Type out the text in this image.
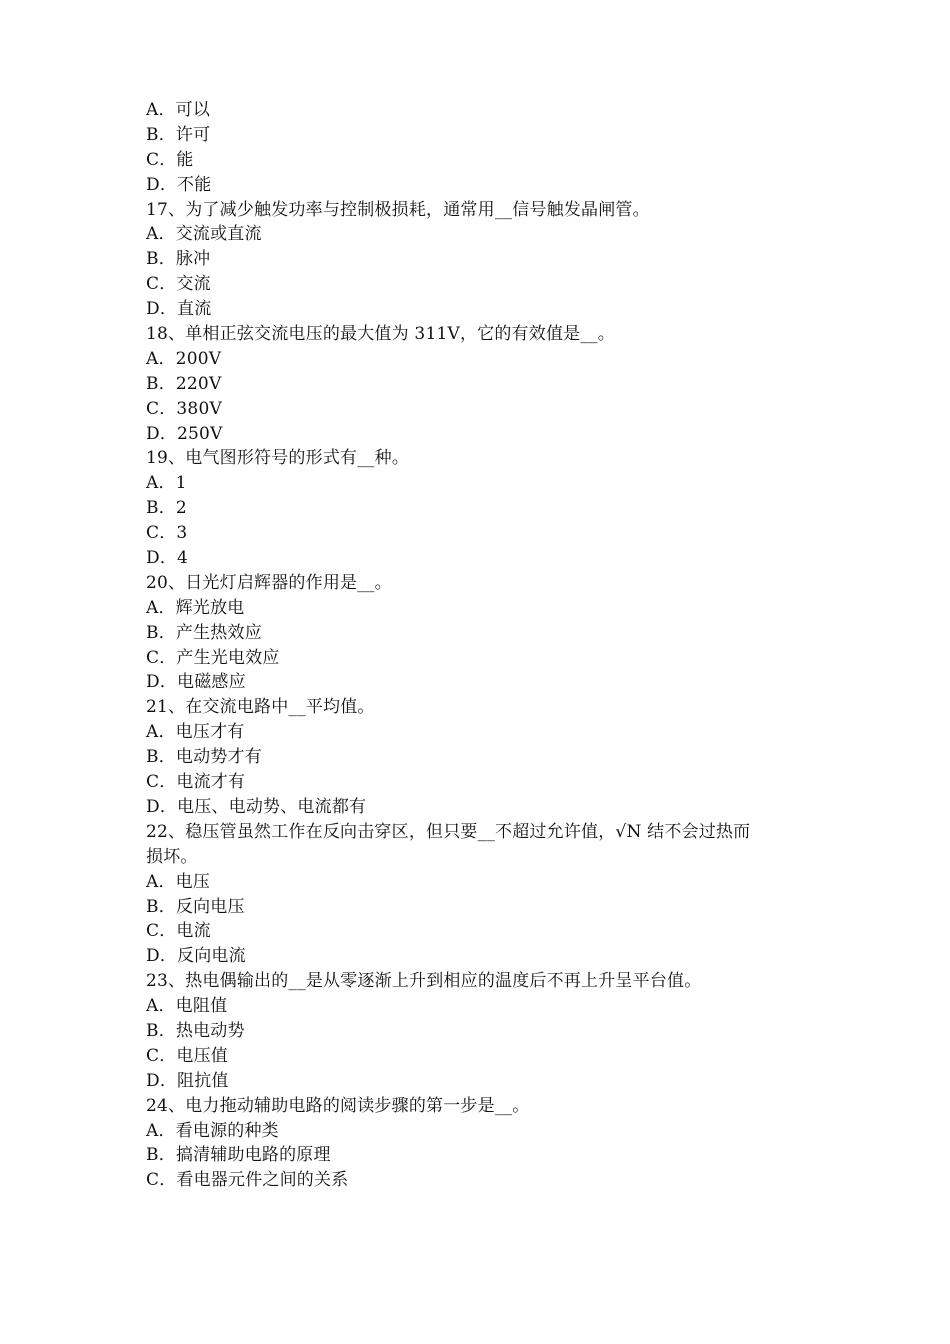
A．可以
B．许可
C．能
D．不能
17、为了减少触发功率与控制极损耗，通常用__信号触发晶闸管。
A．交流或直流
B．脉冲
C．交流
D．直流
18、单相正弦交流电压的最大值为 311V，它的有效值是__。
A．200V
B．220V
C．380V
D．250V
19、电气图形符号的形式有__种。
A．1
B．2
C．3
D．4
20、日光灯启辉器的作用是__。
A．辉光放电
B．产生热效应
C．产生光电效应
D．电磁感应
21、在交流电路中__平均值。
A．电压才有
B．电动势才有
C．电流才有
D．电压、电动势、电流都有
22、稳压管虽然工作在反向击穿区，但只要__不超过允许值，√N 结不会过热而
损坏。
A．电压
B．反向电压
C．电流
D．反向电流
23、热电偶输出的__是从零逐渐上升到相应的温度后不再上升呈平台值。
A．电阻值
B．热电动势
C．电压值
D．阻抗值
24、电力拖动辅助电路的阅读步骤的第一步是__。
A．看电源的种类
B．搞清辅助电路的原理
C．看电器元件之间的关系
